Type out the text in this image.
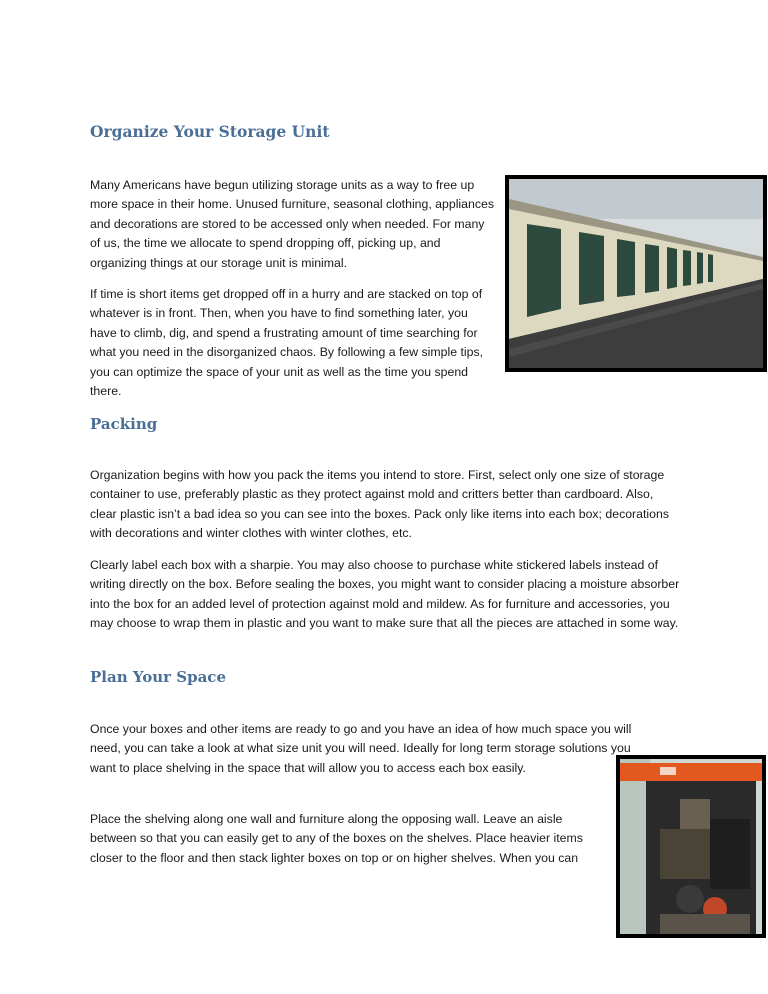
Organize Your Storage Unit

Many Americans have begun utilizing storage units as a way to free up more space in their home. Unused furniture, seasonal clothing, appliances and decorations are stored to be accessed only when needed. For many of us, the time we allocate to spend dropping off, picking up, and organizing things at our storage unit is minimal.

If time is short items get dropped off in a hurry and are stacked on top of whatever is in front. Then, when you have to find something later, you have to climb, dig, and spend a frustrating amount of time searching for what you need in the disorganized chaos. By following a few simple tips, you can optimize the space of your unit as well as the time you spend there.

Packing

Organization begins with how you pack the items you intend to store. First, select only one size of storage container to use, preferably plastic as they protect against mold and critters better than cardboard. Also, clear plastic isn’t a bad idea so you can see into the boxes. Pack only like items into each box; decorations with decorations and winter clothes with winter clothes, etc.

Clearly label each box with a sharpie. You may also choose to purchase white stickered labels instead of writing directly on the box. Before sealing the boxes, you might want to consider placing a moisture absorber into the box for an added level of protection against mold and mildew. As for furniture and accessories, you may choose to wrap them in plastic and you want to make sure that all the pieces are attached in some way.

Plan Your Space

Once your boxes and other items are ready to go and you have an idea of how much space you will need, you can take a look at what size unit you will need. Ideally for long term storage solutions you want to place shelving in the space that will allow you to access each box easily.

Place the shelving along one wall and furniture along the opposing wall. Leave an aisle between so that you can easily get to any of the boxes on the shelves. Place heavier items closer to the floor and then stack lighter boxes on top or on higher shelves. When you can
